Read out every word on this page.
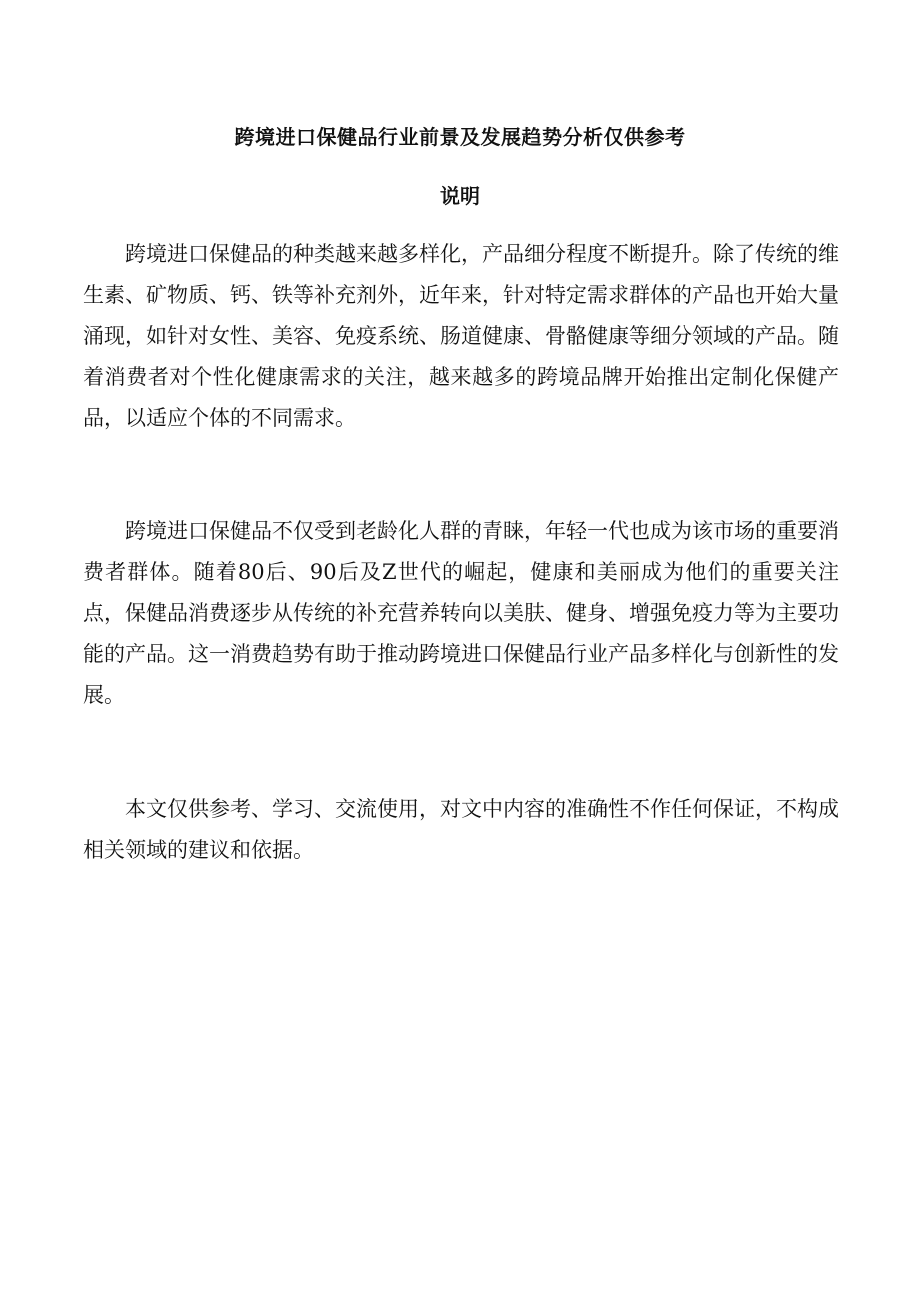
跨境进口保健品行业前景及发展趋势分析仅供参考
说明

跨境进口保健品的种类越来越多样化，产品细分程度不断提升。除了传统的维生素、矿物质、钙、铁等补充剂外，近年来，针对特定需求群体的产品也开始大量涌现，如针对女性、美容、免疫系统、肠道健康、骨骼健康等细分领域的产品。随着消费者对个性化健康需求的关注，越来越多的跨境品牌开始推出定制化保健产品，以适应个体的不同需求。

跨境进口保健品不仅受到老龄化人群的青睐，年轻一代也成为该市场的重要消费者群体。随着80后、90后及Z世代的崛起，健康和美丽成为他们的重要关注点，保健品消费逐步从传统的补充营养转向以美肤、健身、增强免疫力等为主要功能的产品。这一消费趋势有助于推动跨境进口保健品行业产品多样化与创新性的发展。

本文仅供参考、学习、交流使用，对文中内容的准确性不作任何保证，不构成相关领域的建议和依据。
